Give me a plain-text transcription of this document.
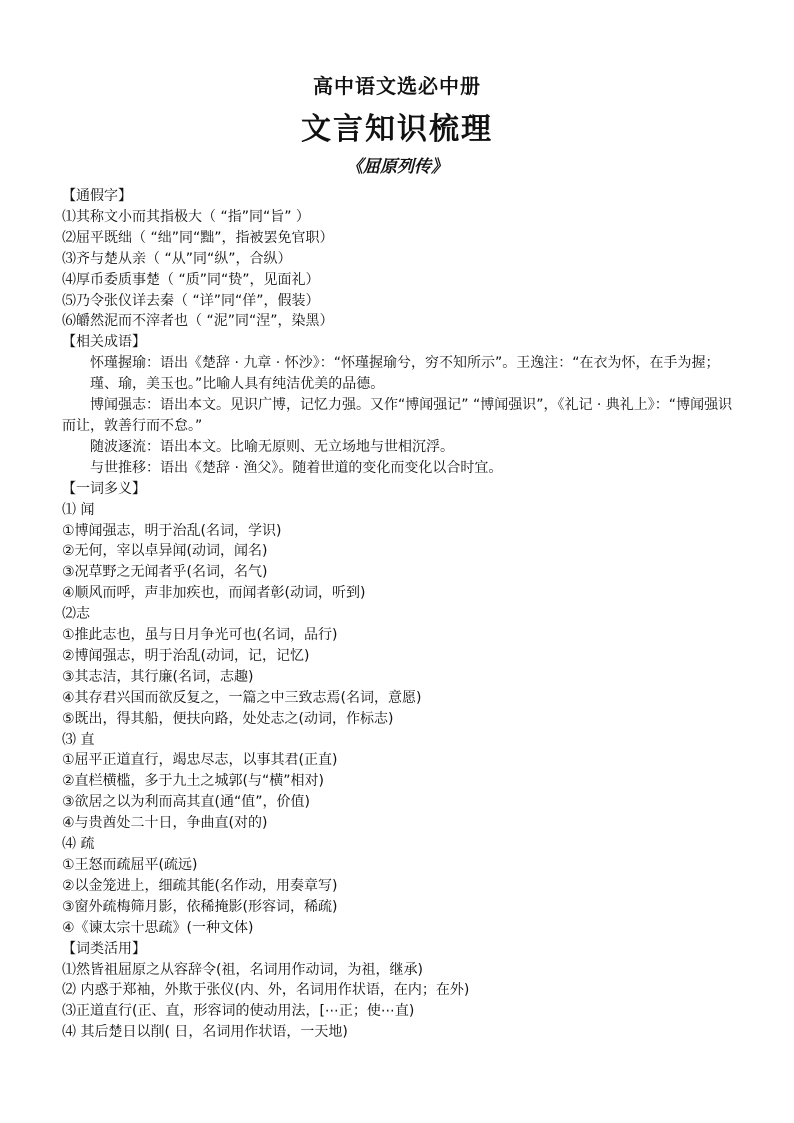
高中语文选必中册
文言知识梳理
《屈原列传》
【通假字】
⑴其称文小而其指极大（ “指”同“旨” ）
⑵屈平既绌（ “绌”同“黜”，指被罢免官职）
⑶齐与楚从亲（ “从”同“纵”，合纵）
⑷厚币委质事楚（ “质”同“贽”，见面礼）
⑸乃令张仪详去秦（ “详”同“佯”，假装）
⑹皭然泥而不滓者也（ “泥”同“涅”，染黑）
【相关成语】
怀瑾握瑜：语出《楚辞 · 九章 · 怀沙》：“怀瑾握瑜兮，穷不知所示”。王逸注：“在衣为怀，在手为握；
瑾、瑜，美玉也。”比喻人具有纯洁优美的品德。
博闻强志：语出本文。见识广博，记忆力强。又作“博闻强记” “博闻强识”，《礼记 · 典礼上》：“博闻强识而让，敦善行而不怠。”
随波逐流：语出本文。比喻无原则、无立场地与世相沉浮。
与世推移：语出《楚辞 · 渔父》。随着世道的变化而变化以合时宜。
【一词多义】
⑴ 闻
①博闻强志，明于治乱(名词，学识)
②无何，宰以卓异闻(动词，闻名)
③况草野之无闻者乎(名词，名气)
④顺风而呼，声非加疾也，而闻者彰(动词，听到)
⑵志
①推此志也，虽与日月争光可也(名词，品行)
②博闻强志，明于治乱(动词，记，记忆)
③其志洁，其行廉(名词，志趣)
④其存君兴国而欲反复之，一篇之中三致志焉(名词，意愿)
⑤既出，得其船，便扶向路，处处志之(动词，作标志)
⑶ 直
①屈平正道直行，竭忠尽志，以事其君(正直)
②直栏横槛，多于九土之城郭(与“横”相对)
③欲居之以为利而高其直(通“值”，价值)
④与贵酋处二十日，争曲直(对的)
⑷ 疏
①王怒而疏屈平(疏远)
②以金笼进上，细疏其能(名作动，用奏章写)
③窗外疏梅筛月影，依稀掩影(形容词，稀疏)
④《谏太宗十思疏》(一种文体)
【词类活用】
⑴然皆祖屈原之从容辞令(祖，名词用作动词，为祖，继承)
⑵ 内惑于郑袖，外欺于张仪(内、外，名词用作状语，在内；在外)
⑶正道直行(正、直，形容词的使动用法，[⋯正；使⋯直)
⑷ 其后楚日以削( 日，名词用作状语，一天地)
